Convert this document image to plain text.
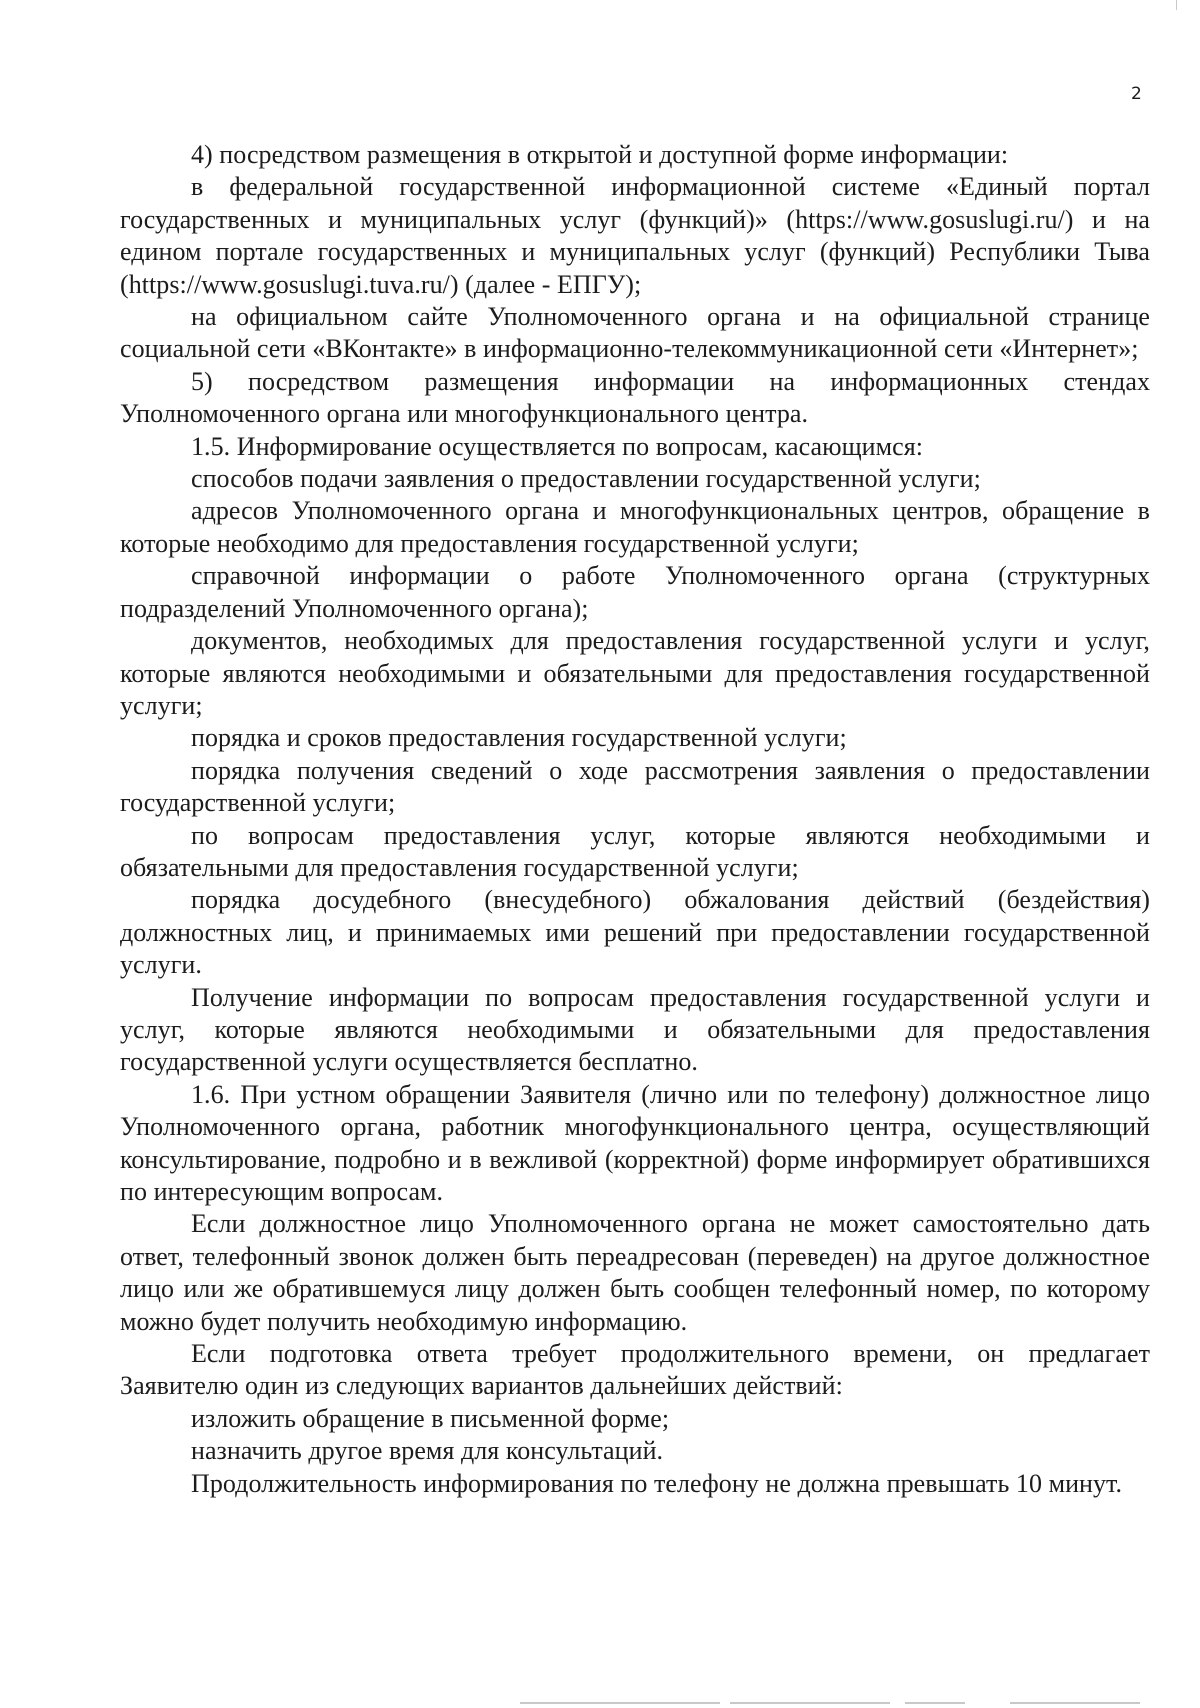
2

4) посредством размещения в открытой и доступной форме информации:

в федеральной государственной информационной системе «Единый портал государственных и муниципальных услуг (функций)» (https://www.gosuslugi.ru/) и на едином портале государственных и муниципальных услуг (функций) Республики Тыва (https://www.gosuslugi.tuva.ru/) (далее - ЕПГУ);

на официальном сайте Уполномоченного органа и на официальной странице социальной сети «ВКонтакте» в информационно-телекоммуникационной сети «Интернет»;

5) посредством размещения информации на информационных стендах Уполномоченного органа или многофункционального центра.

1.5. Информирование осуществляется по вопросам, касающимся:

способов подачи заявления о предоставлении государственной услуги;

адресов Уполномоченного органа и многофункциональных центров, обращение в которые необходимо для предоставления государственной услуги;

справочной информации о работе Уполномоченного органа (структурных подразделений Уполномоченного органа);

документов, необходимых для предоставления государственной услуги и услуг, которые являются необходимыми и обязательными для предоставления государственной услуги;

порядка и сроков предоставления государственной услуги;

порядка получения сведений о ходе рассмотрения заявления о предоставлении государственной услуги;

по вопросам предоставления услуг, которые являются необходимыми и обязательными для предоставления государственной услуги;

порядка досудебного (внесудебного) обжалования действий (бездействия) должностных лиц, и принимаемых ими решений при предоставлении государственной услуги.

Получение информации по вопросам предоставления государственной услуги и услуг, которые являются необходимыми и обязательными для предоставления государственной услуги осуществляется бесплатно.

1.6. При устном обращении Заявителя (лично или по телефону) должностное лицо Уполномоченного органа, работник многофункционального центра, осуществляющий консультирование, подробно и в вежливой (корректной) форме информирует обратившихся по интересующим вопросам.

Если должностное лицо Уполномоченного органа не может самостоятельно дать ответ, телефонный звонок должен быть переадресован (переведен) на другое должностное лицо или же обратившемуся лицу должен быть сообщен телефонный номер, по которому можно будет получить необходимую информацию.

Если подготовка ответа требует продолжительного времени, он предлагает Заявителю один из следующих вариантов дальнейших действий:

изложить обращение в письменной форме;

назначить другое время для консультаций.

Продолжительность информирования по телефону не должна превышать 10 минут.
